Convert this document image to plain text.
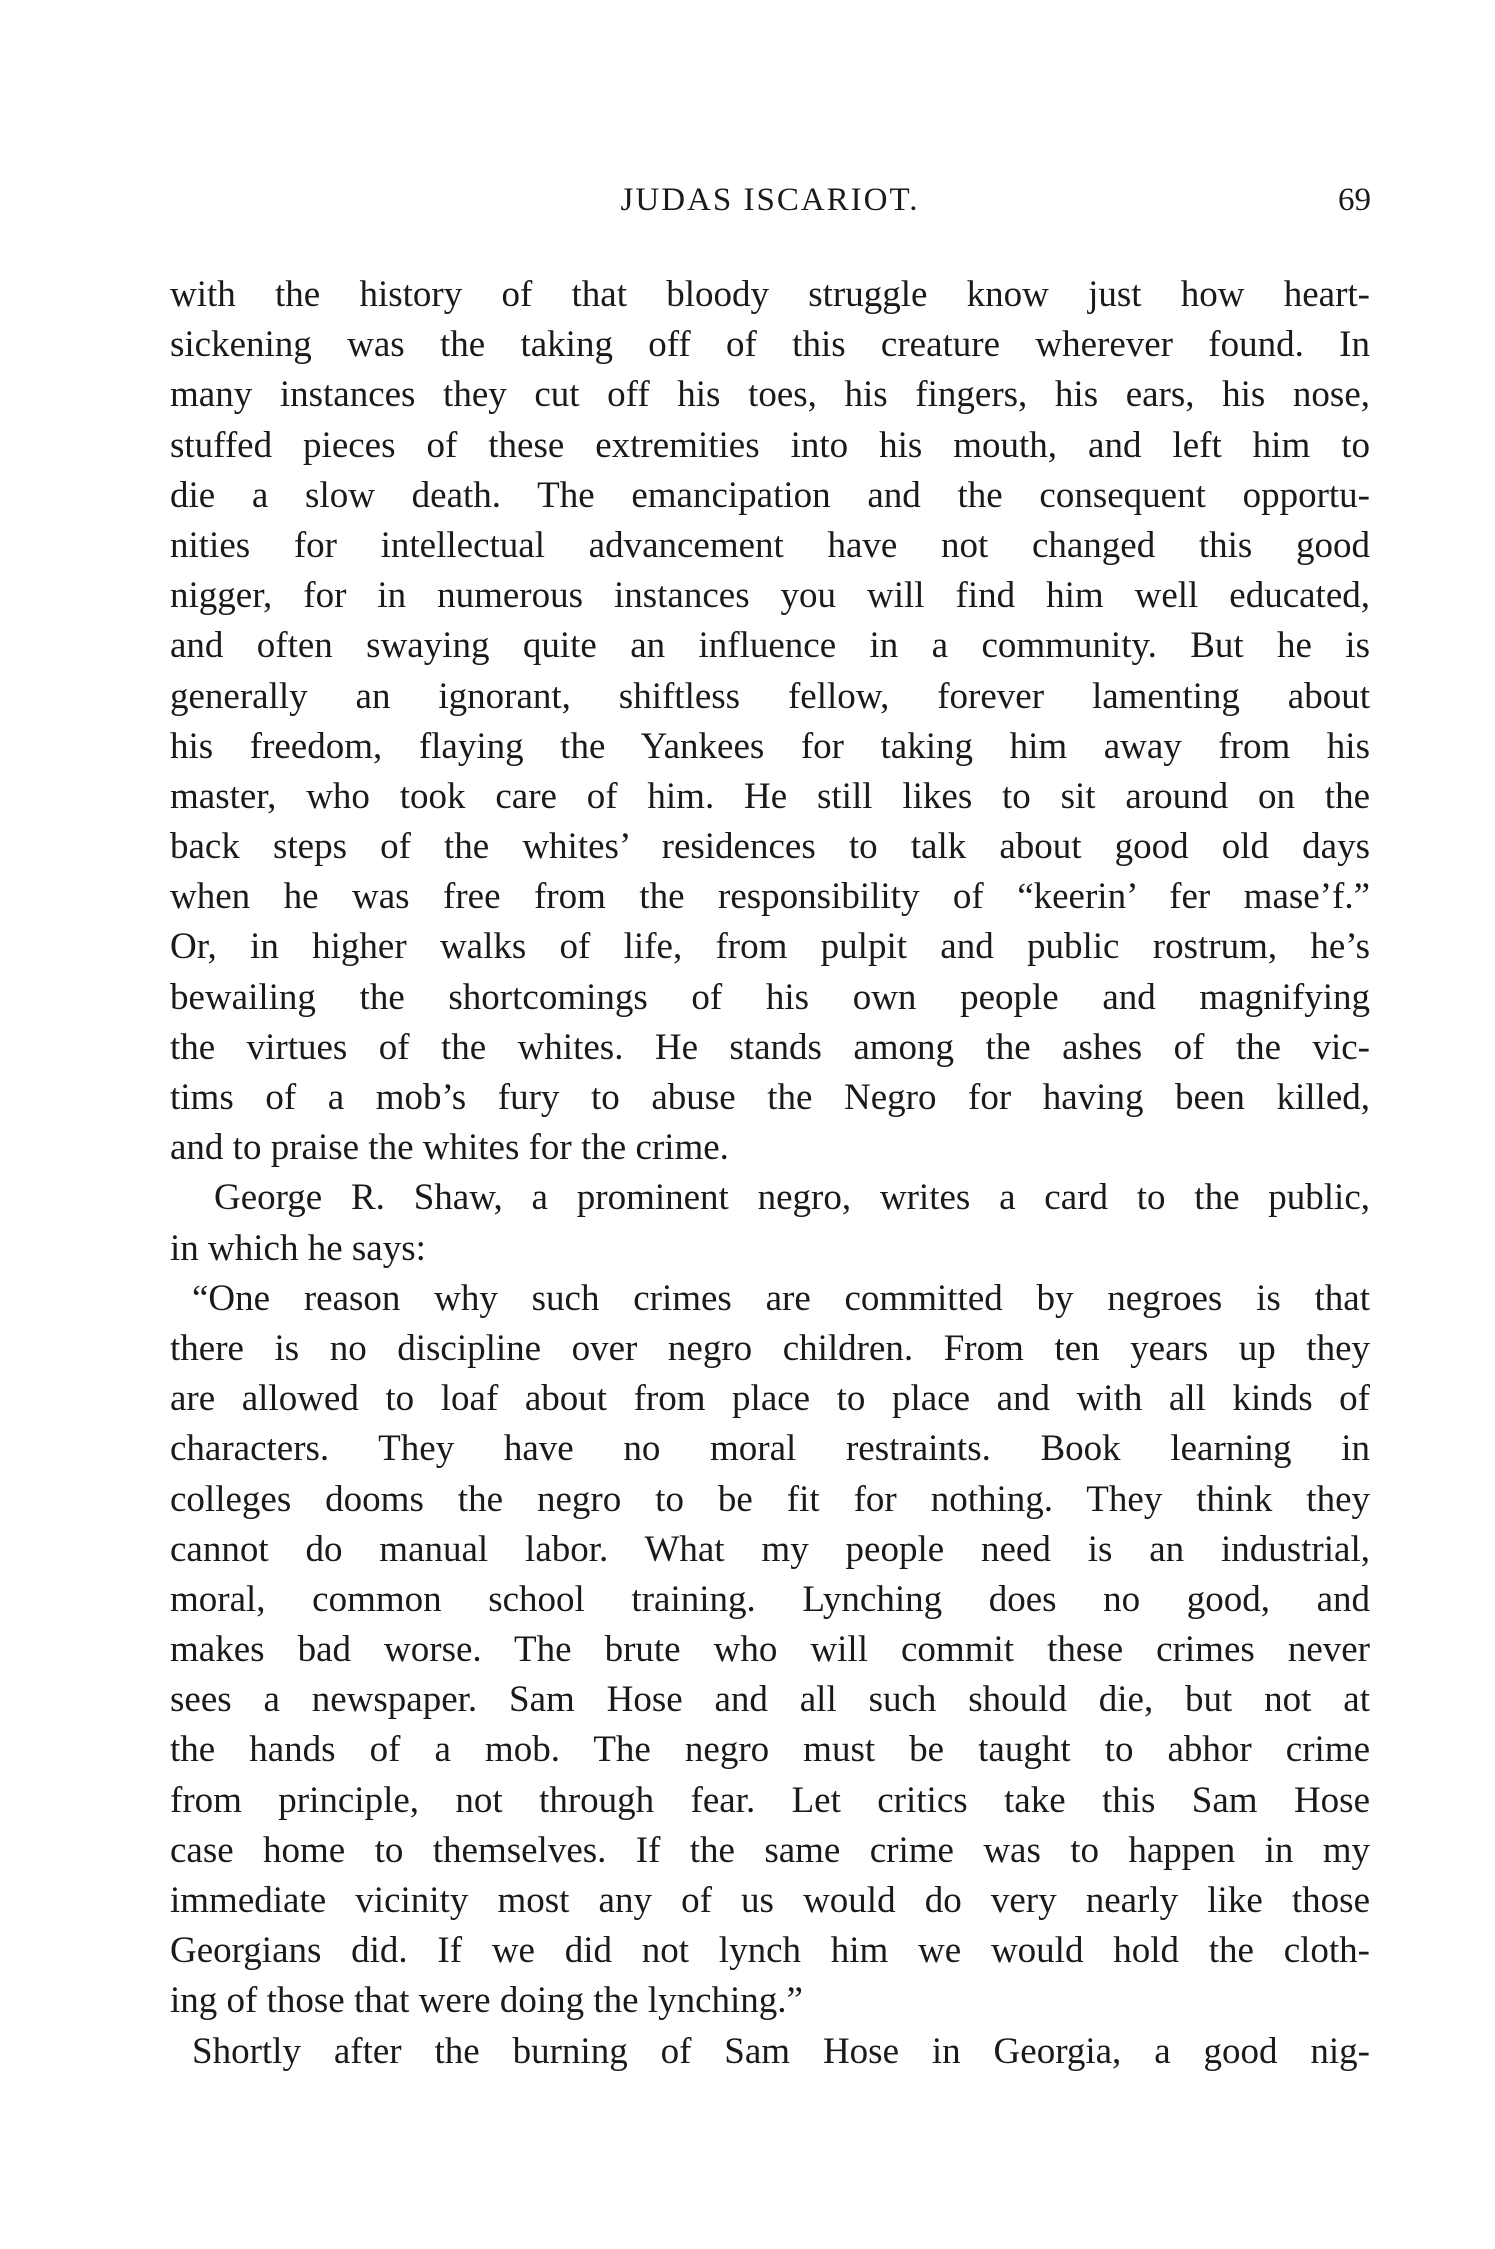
JUDAS ISCARIOT.	69
with the history of that bloody struggle know just how heart-
sickening was the taking off of this creature wherever found. In
many instances they cut off his toes, his fingers, his ears, his nose,
stuffed pieces of these extremities into his mouth, and left him to
die a slow death. The emancipation and the consequent opportu-
nities for intellectual advancement have not changed this good
nigger, for in numerous instances you will find him well educated,
and often swaying quite an influence in a community. But he is
generally an ignorant, shiftless fellow, forever lamenting about
his freedom, flaying the Yankees for taking him away from his
master, who took care of him. He still likes to sit around on the
back steps of the whites’ residences to talk about good old days
when he was free from the responsibility of “keerin’ fer mase’f.”
Or, in higher walks of life, from pulpit and public rostrum, he’s
bewailing the shortcomings of his own people and magnifying
the virtues of the whites. He stands among the ashes of the vic-
tims of a mob’s fury to abuse the Negro for having been killed,
and to praise the whites for the crime.
George R. Shaw, a prominent negro, writes a card to the public,
in which he says:
“One reason why such crimes are committed by negroes is that
there is no discipline over negro children. From ten years up they
are allowed to loaf about from place to place and with all kinds of
characters. They have no moral restraints. Book learning in
colleges dooms the negro to be fit for nothing. They think they
cannot do manual labor. What my people need is an industrial,
moral, common school training. Lynching does no good, and
makes bad worse. The brute who will commit these crimes never
sees a newspaper. Sam Hose and all such should die, but not at
the hands of a mob. The negro must be taught to abhor crime
from principle, not through fear. Let critics take this Sam Hose
case home to themselves. If the same crime was to happen in my
immediate vicinity most any of us would do very nearly like those
Georgians did. If we did not lynch him we would hold the cloth-
ing of those that were doing the lynching.”
Shortly after the burning of Sam Hose in Georgia, a good nig-
